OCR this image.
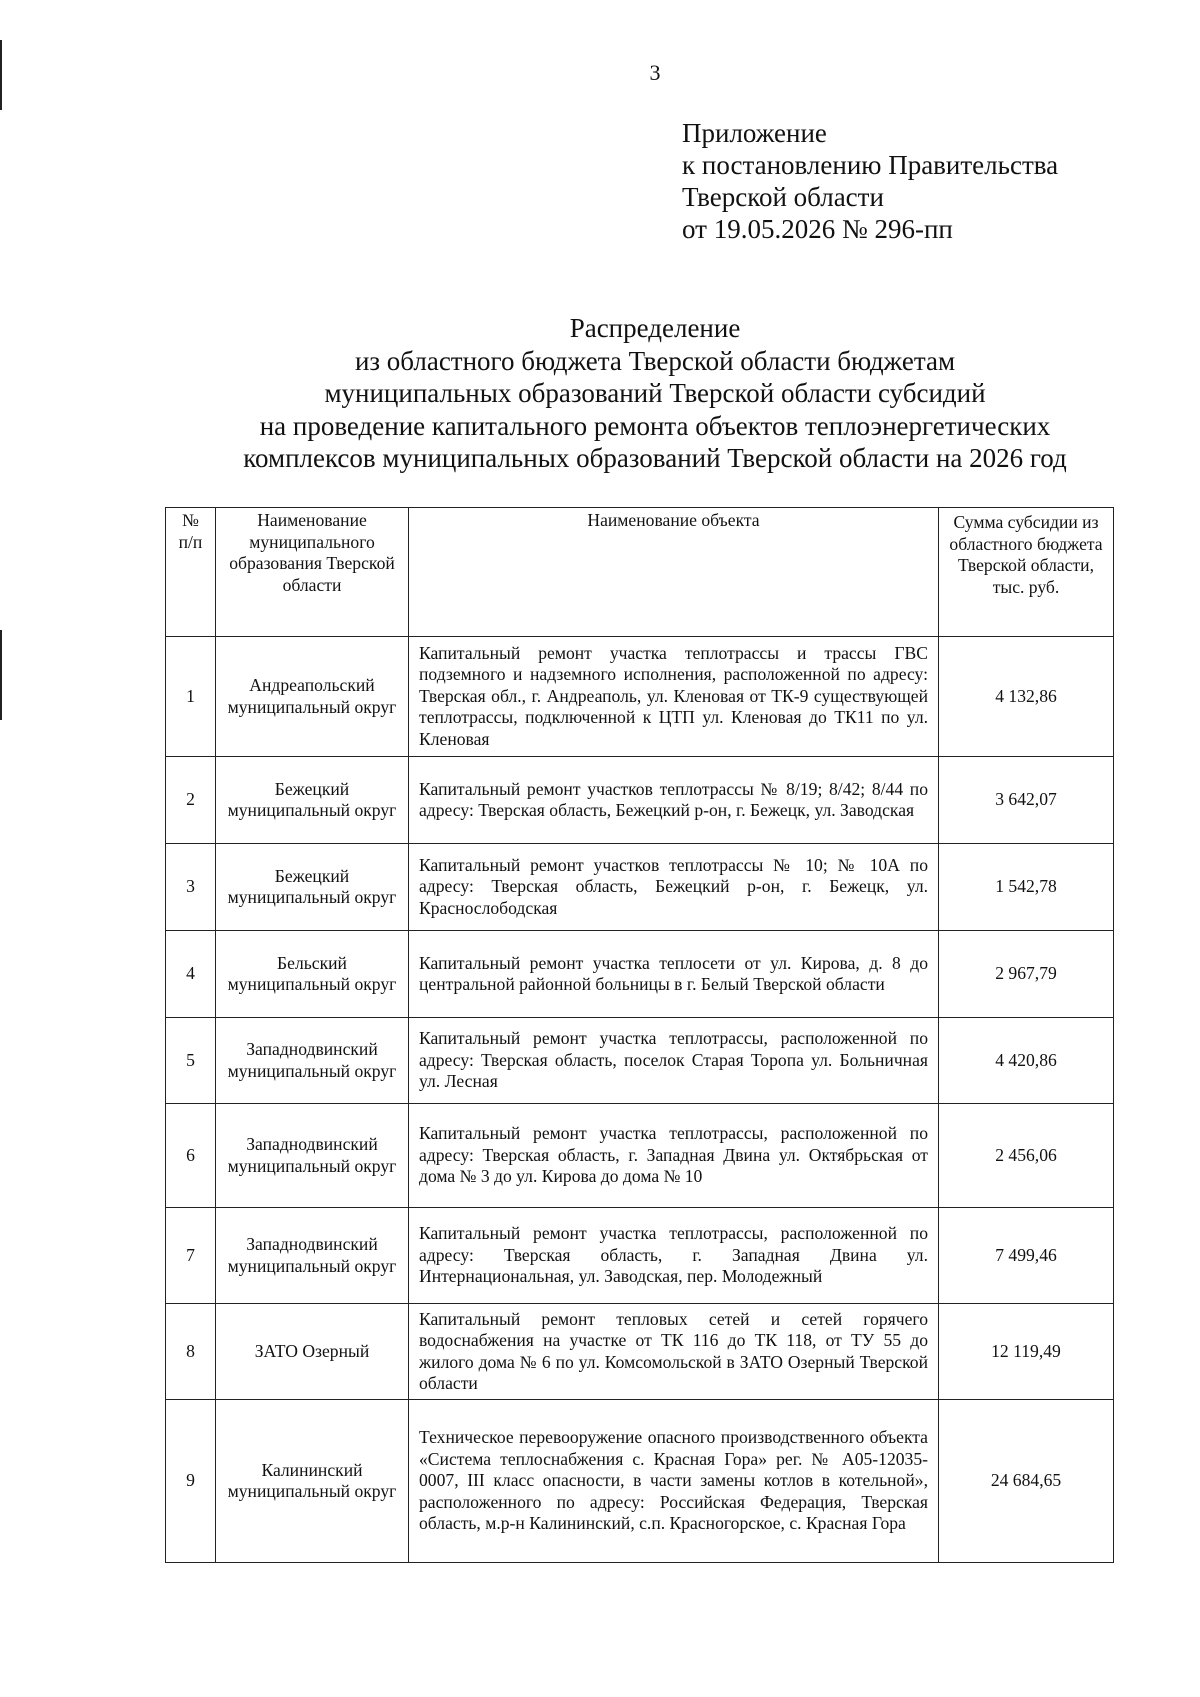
3
Приложение
к постановлению Правительства
Тверской области
от 19.05.2026 № 296-пп
Распределение
из областного бюджета Тверской области бюджетам
муниципальных образований Тверской области субсидий
на проведение капитального ремонта объектов теплоэнергетических
комплексов муниципальных образований Тверской области на 2026 год
№ п/п	Наименование муниципального образования Тверской области	Наименование объекта	Сумма субсидии из областного бюджета Тверской области, тыс. руб.
1	Андреапольский муниципальный округ	Капитальный ремонт участка теплотрассы и трассы ГВС подземного и надземного исполнения, расположенной по адресу: Тверская обл., г. Андреаполь, ул. Кленовая от ТК-9 существующей теплотрассы, подключенной к ЦТП ул. Кленовая до ТК11 по ул. Кленовая	4 132,86
2	Бежецкий муниципальный округ	Капитальный ремонт участков теплотрассы № 8/19; 8/42; 8/44 по адресу: Тверская область, Бежецкий р-он, г. Бежецк, ул. Заводская	3 642,07
3	Бежецкий муниципальный округ	Капитальный ремонт участков теплотрассы № 10; № 10А по адресу: Тверская область, Бежецкий р-он, г. Бежецк, ул. Краснослободская	1 542,78
4	Бельский муниципальный округ	Капитальный ремонт участка теплосети от ул. Кирова, д. 8 до центральной районной больницы в г. Белый Тверской области	2 967,79
5	Западнодвинский муниципальный округ	Капитальный ремонт участка теплотрассы, расположенной по адресу: Тверская область, поселок Старая Торопа ул. Больничная ул. Лесная	4 420,86
6	Западнодвинский муниципальный округ	Капитальный ремонт участка теплотрассы, расположенной по адресу: Тверская область, г. Западная Двина ул. Октябрьская от дома № 3 до ул. Кирова до дома № 10	2 456,06
7	Западнодвинский муниципальный округ	Капитальный ремонт участка теплотрассы, расположенной по адресу: Тверская область, г. Западная Двина ул. Интернациональная, ул. Заводская, пер. Молодежный	7 499,46
8	ЗАТО Озерный	Капитальный ремонт тепловых сетей и сетей горячего водоснабжения на участке от ТК 116 до ТК 118, от ТУ 55 до жилого дома № 6 по ул. Комсомольской в ЗАТО Озерный Тверской области	12 119,49
9	Калининский муниципальный округ	Техническое перевооружение опасного производственного объекта «Система теплоснабжения с. Красная Гора» рег. № А05-12035-0007, III класс опасности, в части замены котлов в котельной», расположенного по адресу: Российская Федерация, Тверская область, м.р-н Калининский, с.п. Красногорское, с. Красная Гора	24 684,65
